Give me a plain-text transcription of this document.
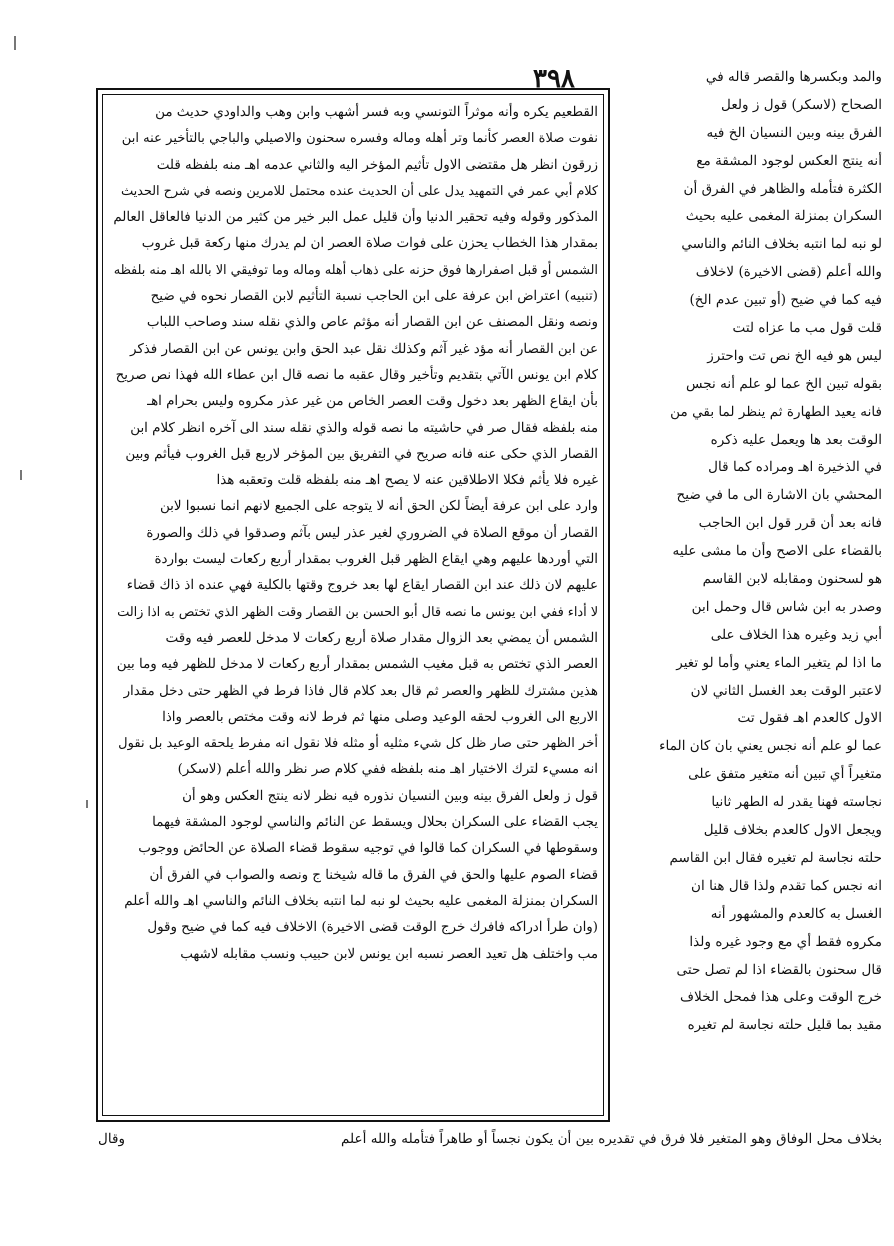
٣٩٨
القطعيم يكره وأنه موثراً التونسي وبه فسر أشهب وابن وهب والداودي حديث من
نفوت صلاة العصر كأنما وتر أهله وماله وفسره سحنون والاصيلي والباجي بالتأخير عنه ابن
زرقون انظر هل مقتضى الاول تأثيم المؤخر اليه والثاني عدمه اهـ منه بلفظه قلت
كلام أبي عمر في التمهيد يدل على أن الحديث عنده محتمل للامرين ونصه في شرح الحديث
المذكور وقوله وفيه تحقير الدنيا وأن قليل عمل البر خير من كثير من الدنيا فالعاقل العالم
بمقدار هذا الخطاب يحزن على فوات صلاة العصر ان لم يدرك منها ركعة قبل غروب
الشمس أو قبل اصفرارها فوق حزنه على ذهاب أهله وماله وما توفيقي الا بالله اهـ منه بلفظه
(تنبيه) اعتراض ابن عرفة على ابن الحاجب نسبة التأثيم لابن القصار نحوه في ضيح
ونصه ونقل المصنف عن ابن القصار أنه مؤثم عاص والذي نقله سند وصاحب اللباب
عن ابن القصار أنه مؤد غير آثم وكذلك نقل عبد الحق وابن يونس عن ابن القصار فذكر
كلام ابن يونس الآتي بتقديم وتأخير وقال عقبه ما نصه قال ابن عطاء الله فهذا نص صريح
بأن ايقاع الظهر بعد دخول وقت العصر الخاص من غير عذر مكروه وليس بحرام اهـ
منه بلفظه فقال صر في حاشيته ما نصه قوله والذي نقله سند الى آخره انظر كلام ابن
القصار الذي حكى عنه فانه صريح في التفريق بين المؤخر لاربع قبل الغروب فيأثم وبين
غيره فلا يأثم فكلا الاطلاقين عنه لا يصح اهـ منه بلفظه قلت وتعقبه هذا
وارد على ابن عرفة أيضاً لكن الحق أنه لا يتوجه على الجميع لانهم انما نسبوا لابن
القصار أن موقع الصلاة في الضروري لغير عذر ليس بآثم وصدقوا في ذلك والصورة
التي أوردها عليهم وهي ايقاع الظهر قبل الغروب بمقدار أربع ركعات ليست بواردة
عليهم لان ذلك عند ابن القصار ايقاع لها بعد خروج وقتها بالكلية فهي عنده اذ ذاك قضاء
لا أداء ففي ابن يونس ما نصه قال أبو الحسن بن القصار وقت الظهر الذي تختص به اذا زالت
الشمس أن يمضي بعد الزوال مقدار صلاة أربع ركعات لا مدخل للعصر فيه وقت
العصر الذي تختص به قبل مغيب الشمس بمقدار أربع ركعات لا مدخل للظهر فيه وما بين
هذين مشترك للظهر والعصر ثم قال بعد كلام قال فاذا فرط في الظهر حتى دخل مقدار
الاربع الى الغروب لحقه الوعيد وصلى منها ثم فرط لانه وقت مختص بالعصر واذا
أخر الظهر حتى صار ظل كل شيء مثليه أو مثله فلا نقول انه مفرط يلحقه الوعيد بل نقول
انه مسيء لترك الاختيار اهـ منه بلفظه ففي كلام صر نظر والله أعلم (لاسكر)
قول ز ولعل الفرق بينه وبين النسيان نذوره فيه نظر لانه ينتج العكس وهو أن
يجب القضاء على السكران بحلال ويسقط عن النائم والناسي لوجود المشقة فيهما
وسقوطها في السكران كما قالوا في توجيه سقوط قضاء الصلاة عن الحائض ووجوب
قضاء الصوم عليها والحق في الفرق ما قاله شيخنا ج ونصه والصواب في الفرق أن
السكران بمنزلة المغمى عليه بحيث لو نبه لما انتبه بخلاف النائم والناسي اهـ والله أعلم
(وان طرأ ادراكه فافرك خرج الوقت قضى الاخيرة) الاخلاف فيه كما في ضيح وقول
مب واختلف هل تعيد العصر نسبه ابن يونس لابن حبيب ونسب مقابله لاشهب
والمد وبكسرها والقصر قاله في
الصحاح (لاسكر) قول ز ولعل
الفرق بينه وبين النسيان الخ فيه
أنه ينتج العكس لوجود المشقة مع
الكثرة فتأمله والظاهر في الفرق أن
السكران بمنزلة المغمى عليه بحيث
لو نبه لما انتبه بخلاف النائم والناسي
والله أعلم (قضى الاخيرة) لاخلاف
فيه كما في ضيح (أو تبين عدم الخ)
قلت قول مب ما عزاه لتت
ليس هو فيه الخ نص تت واحترز
بقوله تبين الخ عما لو علم أنه نجس
فانه يعيد الطهارة ثم ينظر لما بقي من
الوقت بعد ها ويعمل عليه ذكره
في الذخيرة اهـ ومراده كما قال
المحشي بان الاشارة الى ما في ضيح
فانه بعد أن قرر قول ابن الحاجب
بالقضاء على الاصح وأن ما مشى عليه
هو لسحنون ومقابله لابن القاسم
وصدر به ابن شاس قال وحمل ابن
أبي زيد وغيره هذا الخلاف على
ما اذا لم يتغير الماء يعني وأما لو تغير
لاعتبر الوقت بعد الغسل الثاني لان
الاول كالعدم اهـ فقول تت
عما لو علم أنه نجس يعني بان كان الماء
متغيراً أي تبين أنه متغير متفق على
نجاسته فهنا يقدر له الطهر ثانيا
ويجعل الاول كالعدم بخلاف قليل
حلته نجاسة لم تغيره فقال ابن القاسم
انه نجس كما تقدم ولذا قال هنا ان
الغسل به كالعدم والمشهور أنه
مكروه فقط أي مع وجود غيره ولذا
قال سحنون بالقضاء اذا لم تصل حتى
خرج الوقت وعلى هذا فمحل الخلاف
مقيد بما قليل حلته نجاسة لم تغيره
بخلاف محل الوفاق وهو المتغير فلا فرق في تقديره بين أن يكون نجساً أو طاهراً فتأمله والله أعلم
وقال
